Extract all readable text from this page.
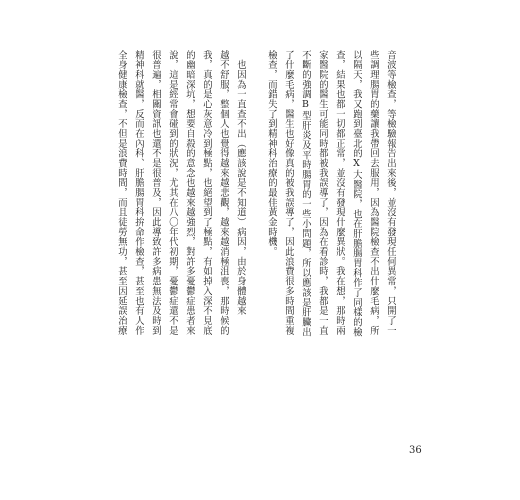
音波等檢查，等檢驗報告出來後，並沒有發現任何異常，只開了一
些調理腸胃的藥讓我帶回去服用，因為醫院檢查不出什麼毛病，所
以隔天，我又跑到臺北的X大醫院，也在肝膽腸胃科作了同樣的檢
查，結果也都一切都正常，並沒有發現什麼異狀。我在想，那時兩
家醫院的醫生可能同時都被我誤導了，因為在看診時，我都是一直
不斷的強調B型肝炎及平時腸胃的一些小問題，所以應該是肝臟出
了什麼毛病，醫生也好像真的被我誤導了，因此浪費很多時間重複
檢查，而錯失了到精神科治療的最佳黃金時機。
　也因為一直查不出（應該說是不知道）病因，由於身體越來
越不舒服，整個人也覺得越來越悲觀，越來越消極沮喪，那時候的
我，真的是心灰意冷到極點，也絕望到了極點，有如掉入深不見底
的幽暗深坑，想要自殺的意念也越來越強烈，對許多憂鬱症患者來
說，這是經常會碰到的狀況，尤其在八〇年代初期，憂鬱症還不是
很普遍，相關資訊也還不是很普及，因此導致許多病患無法及時到
精神科就醫，反而在內科、肝膽腸胃科拚命作檢查，甚至也有人作
全身健康檢查，不但是浪費時間，而且徒勞無功，甚至因延誤治療
36
